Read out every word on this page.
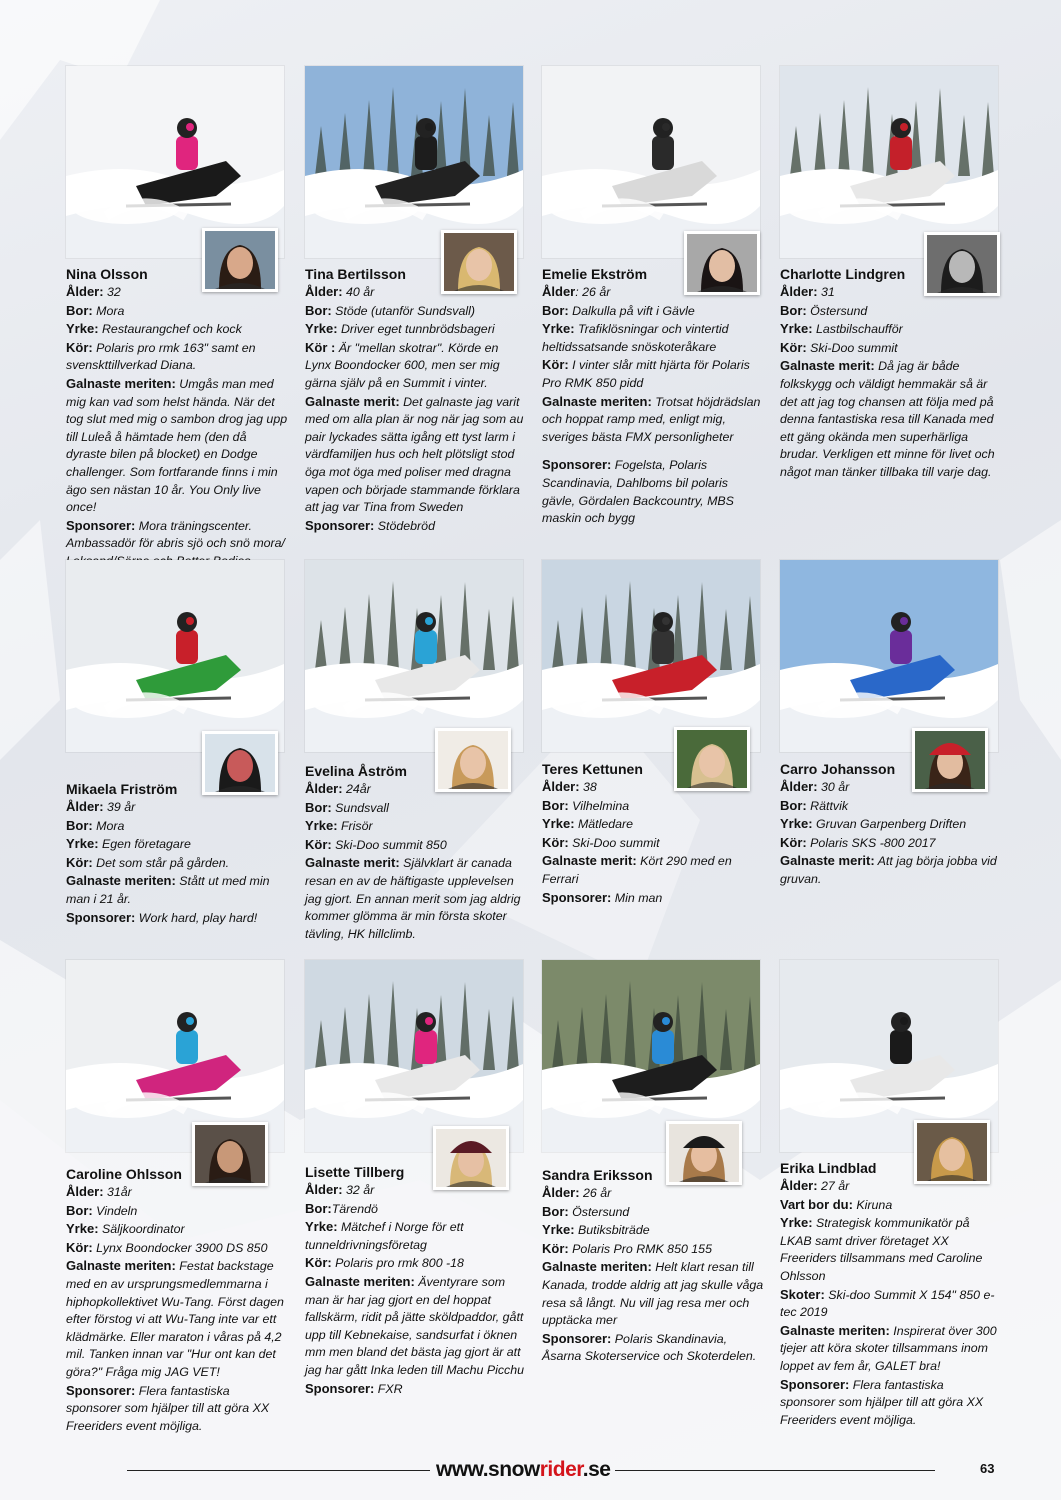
Nina Olsson
Ålder: 32
Bor: Mora
Yrke: Restaurangchef och kock
Kör: Polaris pro rmk 163" samt en svenskttillverkad Diana.
Galnaste meriten: Umgås man med mig kan vad som helst hända. När det tog slut med mig o sambon drog jag upp till Luleå å hämtade hem (den då dyraste bilen på blocket) en Dodge challenger. Som fortfarande finns i min ägo sen nästan 10 år. You Only live once!
Sponsorer: Mora träningscenter. Ambassadör för abris sjö och snö mora/
Tina Bertilsson
Ålder: 40 år
Bor: Stöde (utanför Sundsvall)
Yrke: Driver eget tunnbrödsbageri
Kör : Är "mellan skotrar". Körde en Lynx Boondocker 600, men ser mig gärna själv på en Summit i vinter.
Galnaste merit: Det galnaste jag varit med om alla plan är nog när jag som au pair lyckades sätta igång ett tyst larm i värdfamiljen hus och helt plötsligt stod öga mot öga med poliser med dragna vapen och började stammande förklara att jag var Tina from Sweden
Sponsorer: Stödebröd
Emelie Ekström
Ålder: 26 år
Bor: Dalkulla på vift i Gävle
Yrke: Trafiklösningar och vintertid heltidssatsande snöskoteråkare
Kör: I vinter slår mitt hjärta för Polaris Pro RMK 850 pidd
Galnaste meriten: Trotsat höjdrädslan och hoppat ramp med, enligt mig, sveriges bästa FMX personligheter
Sponsorer: Fogelsta, Polaris Scandinavia, Dahlboms bil polaris gävle, Gördalen Backcountry, MBS maskin och bygg
Charlotte Lindgren
Ålder: 31
Bor: Östersund
Yrke: Lastbilschaufför
Kör: Ski-Doo summit
Galnaste merit: Då jag är både folkskygg och väldigt hemmakär så är det att jag tog chansen att följa med på denna fantastiska resa till Kanada med ett gäng okända men superhärliga brudar. Verkligen ett minne för livet och något man tänker tillbaka till varje dag.
Mikaela Friström
Ålder: 39 år
Bor: Mora
Yrke: Egen företagare
Kör: Det som står på gården.
Galnaste meriten: Stått ut med min man i 21 år.
Sponsorer: Work hard, play hard!
Evelina Åström
Ålder: 24år
Bor: Sundsvall
Yrke: Frisör
Kör: Ski-Doo summit 850
Galnaste merit: Självklart är canada resan en av de häftigaste upplevelsen jag gjort. En annan merit som jag aldrig kommer glömma är min första skoter tävling, HK hillclimb.
Teres Kettunen
Ålder: 38
Bor: Vilhelmina
Yrke: Mätledare
Kör: Ski-Doo summit
Galnaste merit: Kört 290 med en Ferrari
Sponsorer: Min man
Carro Johansson
Ålder: 30 år
Bor: Rättvik
Yrke: Gruvan Garpenberg Driften
Kör: Polaris SKS -800 2017
Galnaste merit: Att jag börja jobba vid gruvan.
Caroline Ohlsson
Ålder: 31år
Bor: Vindeln
Yrke: Säljkoordinator
Kör: Lynx Boondocker 3900 DS 850
Galnaste meriten: Festat backstage med en av ursprungsmedlemmarna i hiphopkollektivet Wu-Tang. Först dagen efter förstog vi att Wu-Tang inte var ett klädmärke. Eller maraton i våras på 4,2 mil. Tanken innan var "Hur ont kan det göra?" Fråga mig JAG VET!
Sponsorer: Flera fantastiska sponsorer som hjälper till att göra XX Freeriders event möjliga.
Lisette Tillberg
Ålder: 32 år
Bor:Tärendö
Yrke: Mätchef i Norge för ett tunneldrivningsföretag
Kör: Polaris pro rmk 800 -18
Galnaste meriten: Äventyrare som man är har jag gjort en del hoppat fallskärm, ridit på jätte sköldpaddor, gått upp till Kebnekaise, sandsurfat i öknen mm men bland det bästa jag gjort är att jag har gått Inka leden till Machu Picchu
Sponsorer: FXR
Sandra Eriksson
Ålder: 26 år
Bor: Östersund
Yrke: Butiksbiträde
Kör: Polaris Pro RMK 850 155
Galnaste meriten: Helt klart resan till Kanada, trodde aldrig att jag skulle våga resa så långt. Nu vill jag resa mer och upptäcka mer
Sponsorer: Polaris Skandinavia, Åsarna Skoterservice och Skoterdelen.
Erika Lindblad
Ålder: 27 år
Vart bor du: Kiruna
Yrke: Strategisk kommunikatör på LKAB samt driver företaget XX Freeriders tillsammans med Caroline Ohlsson
Skoter: Ski-doo Summit X 154" 850 e-tec 2019
Galnaste meriten: Inspirerat över 300 tjejer att köra skoter tillsammans inom loppet av fem år, GALET bra!
Sponsorer: Flera fantastiska sponsorer som hjälper till att göra XX Freeriders event möjliga.
www.snowrider.se	63
